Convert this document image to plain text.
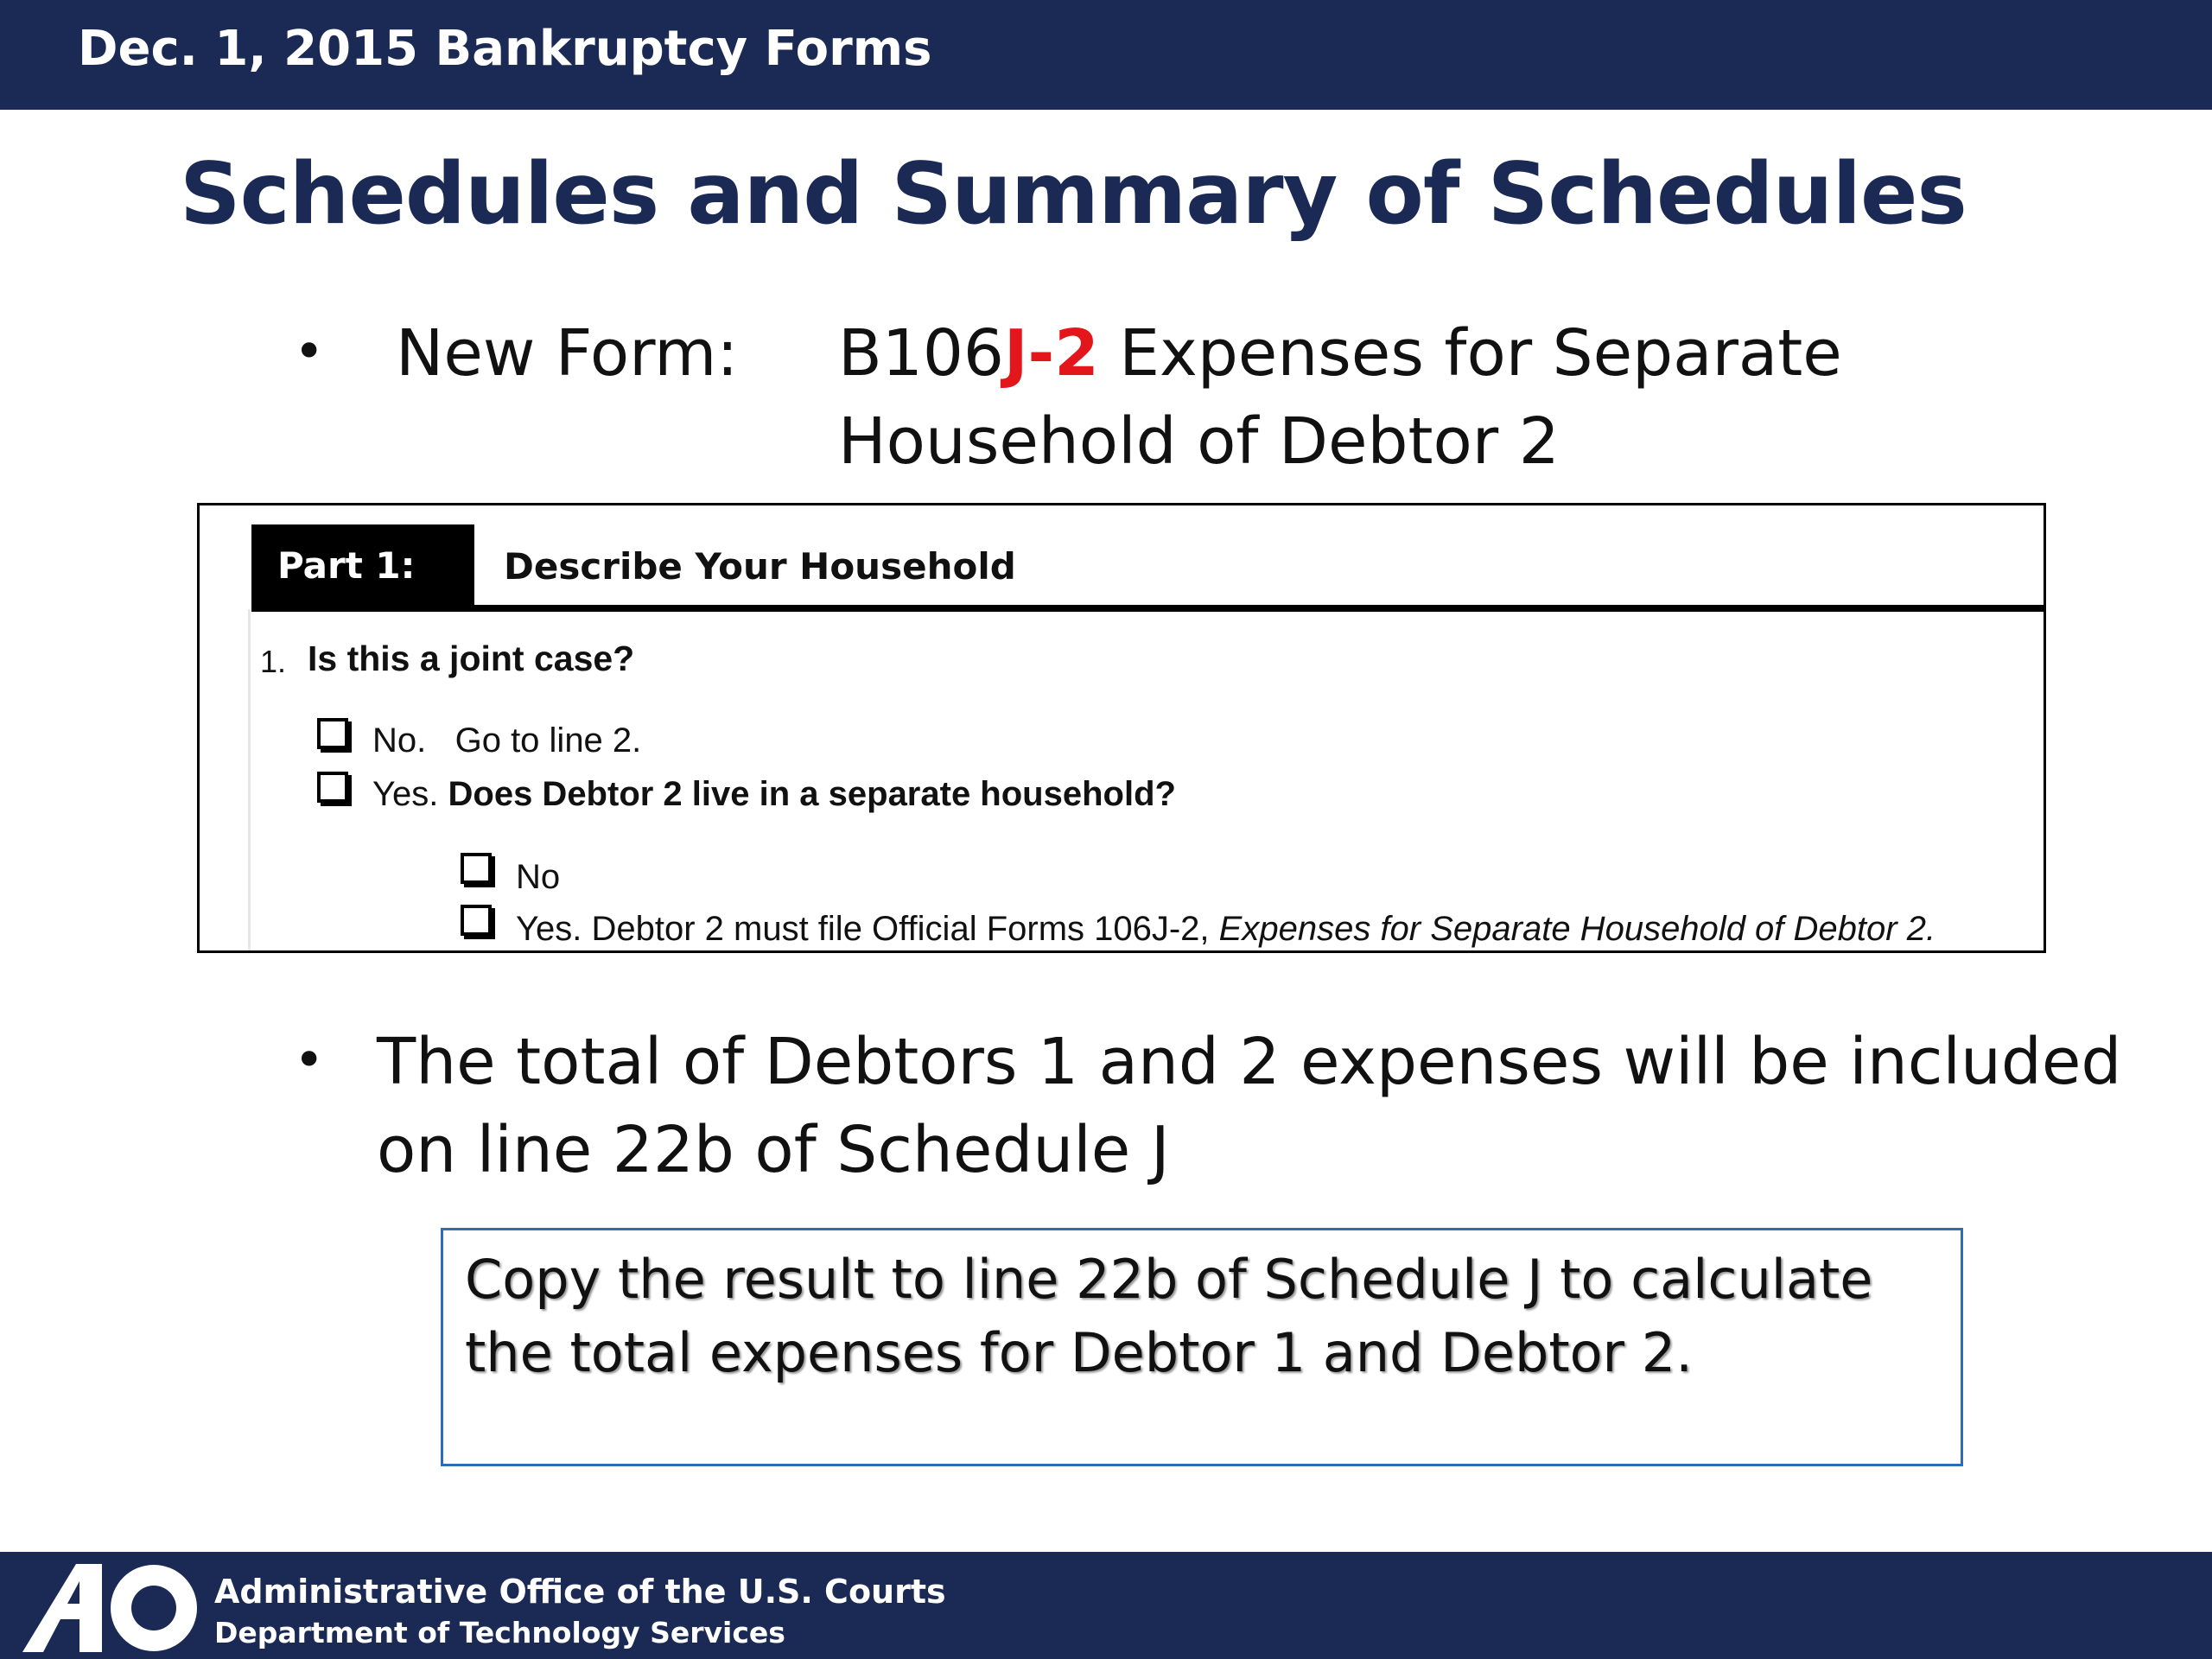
Dec. 1, 2015 Bankruptcy Forms
Schedules and Summary of Schedules
• New Form: B106J-2 Expenses for Separate
Household of Debtor 2
Part 1:	Describe Your Household
1. Is this a joint case?
No. Go to line 2.
Yes. Does Debtor 2 live in a separate household?
No
Yes. Debtor 2 must file Official Forms 106J-2, Expenses for Separate Household of Debtor 2.
• The total of Debtors 1 and 2 expenses will be included
on line 22b of Schedule J
Copy the result to line 22b of Schedule J to calculate the total expenses for Debtor 1 and Debtor 2.
Administrative Office of the U.S. Courts
Department of Technology Services
